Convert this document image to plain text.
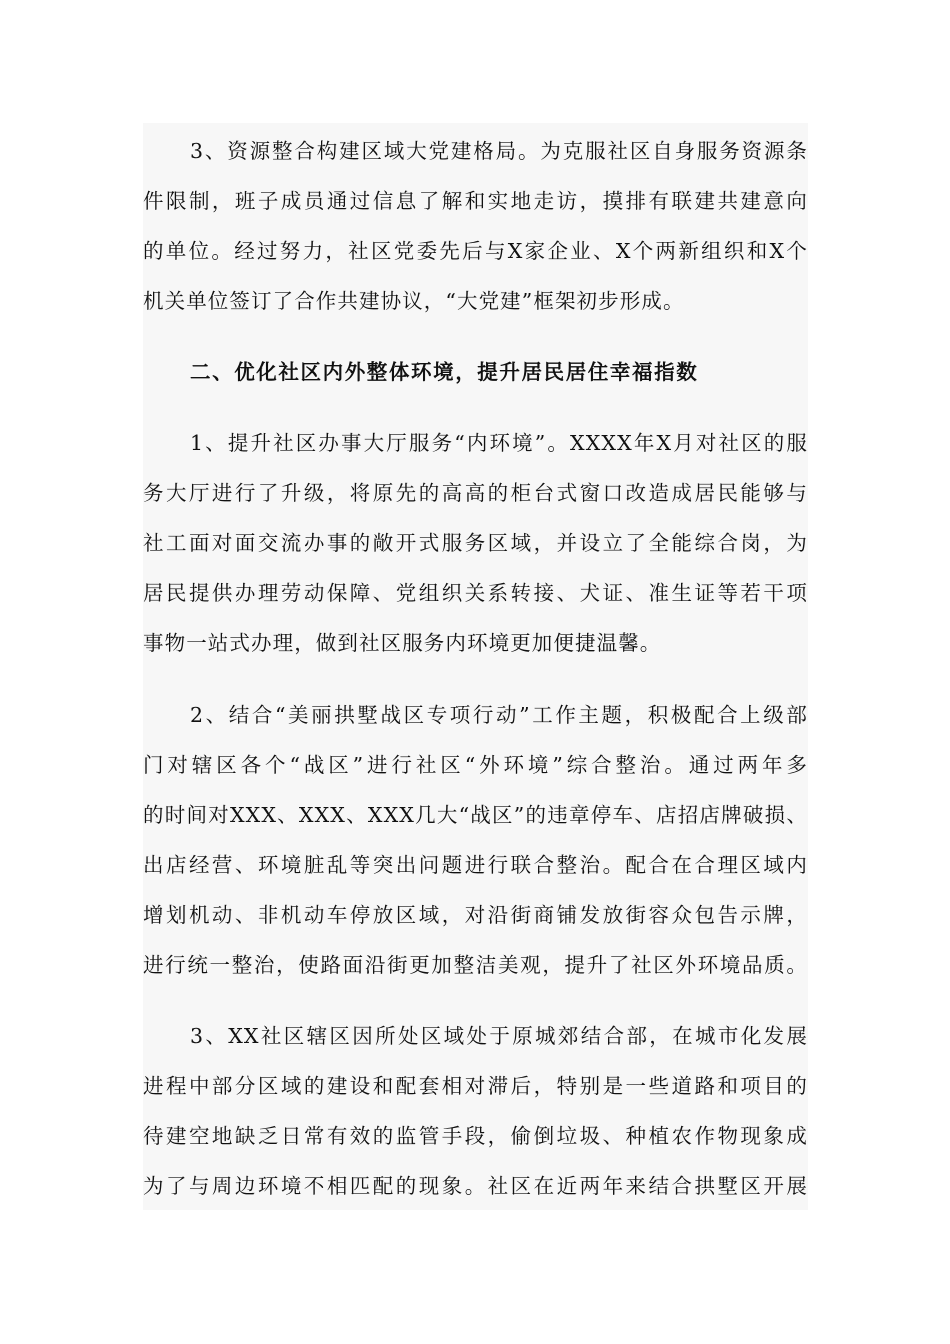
3、资源整合构建区域大党建格局。为克服社区自身服务资源条
件限制，班子成员通过信息了解和实地走访，摸排有联建共建意向
的单位。经过努力，社区党委先后与X家企业、X个两新组织和X个
机关单位签订了合作共建协议，“大党建”框架初步形成。
二、优化社区内外整体环境，提升居民居住幸福指数
1、提升社区办事大厅服务“内环境”。XXXX年X月对社区的服
务大厅进行了升级，将原先的高高的柜台式窗口改造成居民能够与
社工面对面交流办事的敞开式服务区域，并设立了全能综合岗，为
居民提供办理劳动保障、党组织关系转接、犬证、准生证等若干项
事物一站式办理，做到社区服务内环境更加便捷温馨。
2、结合“美丽拱墅战区专项行动”工作主题，积极配合上级部
门对辖区各个“战区”进行社区“外环境”综合整治。通过两年多
的时间对XXX、XXX、XXX几大“战区”的违章停车、店招店牌破损、
出店经营、环境脏乱等突出问题进行联合整治。配合在合理区域内
增划机动、非机动车停放区域，对沿街商铺发放街容众包告示牌，
进行统一整治，使路面沿街更加整洁美观，提升了社区外环境品质。
3、XX社区辖区因所处区域处于原城郊结合部，在城市化发展
进程中部分区域的建设和配套相对滞后，特别是一些道路和项目的
待建空地缺乏日常有效的监管手段，偷倒垃圾、种植农作物现象成
为了与周边环境不相匹配的现象。社区在近两年来结合拱墅区开展
